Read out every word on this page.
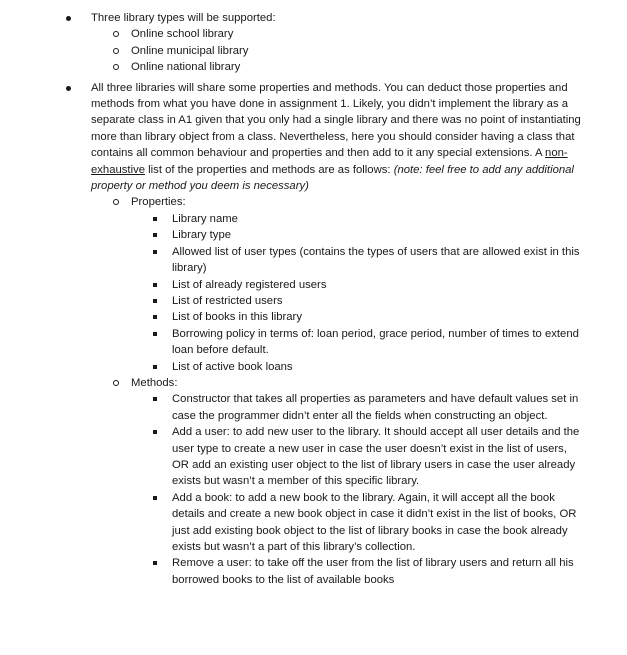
Three library types will be supported:
Online school library
Online municipal library
Online national library
All three libraries will share some properties and methods. You can deduct those properties and methods from what you have done in assignment 1. Likely, you didn’t implement the library as a separate class in A1 given that you only had a single library and there was no point of instantiating more than library object from a class. Nevertheless, here you should consider having a class that contains all common behaviour and properties and then add to it any special extensions. A non-exhaustive list of the properties and methods are as follows: (note: feel free to add any additional property or method you deem is necessary)
Properties:
Library name
Library type
Allowed list of user types (contains the types of users that are allowed exist in this library)
List of already registered users
List of restricted users
List of books in this library
Borrowing policy in terms of: loan period, grace period, number of times to extend loan before default.
List of active book loans
Methods:
Constructor that takes all properties as parameters and have default values set in case the programmer didn’t enter all the fields when constructing an object.
Add a user: to add new user to the library. It should accept all user details and the user type to create a new user in case the user doesn’t exist in the list of users, OR add an existing user object to the list of library users in case the user already exists but wasn’t a member of this specific library.
Add a book: to add a new book to the library. Again, it will accept all the book details and create a new book object in case it didn’t exist in the list of books, OR just add existing book object to the list of library books in case the book already exists but wasn’t a part of this library’s collection.
Remove a user: to take off the user from the list of library users and return all his borrowed books to the list of available books
